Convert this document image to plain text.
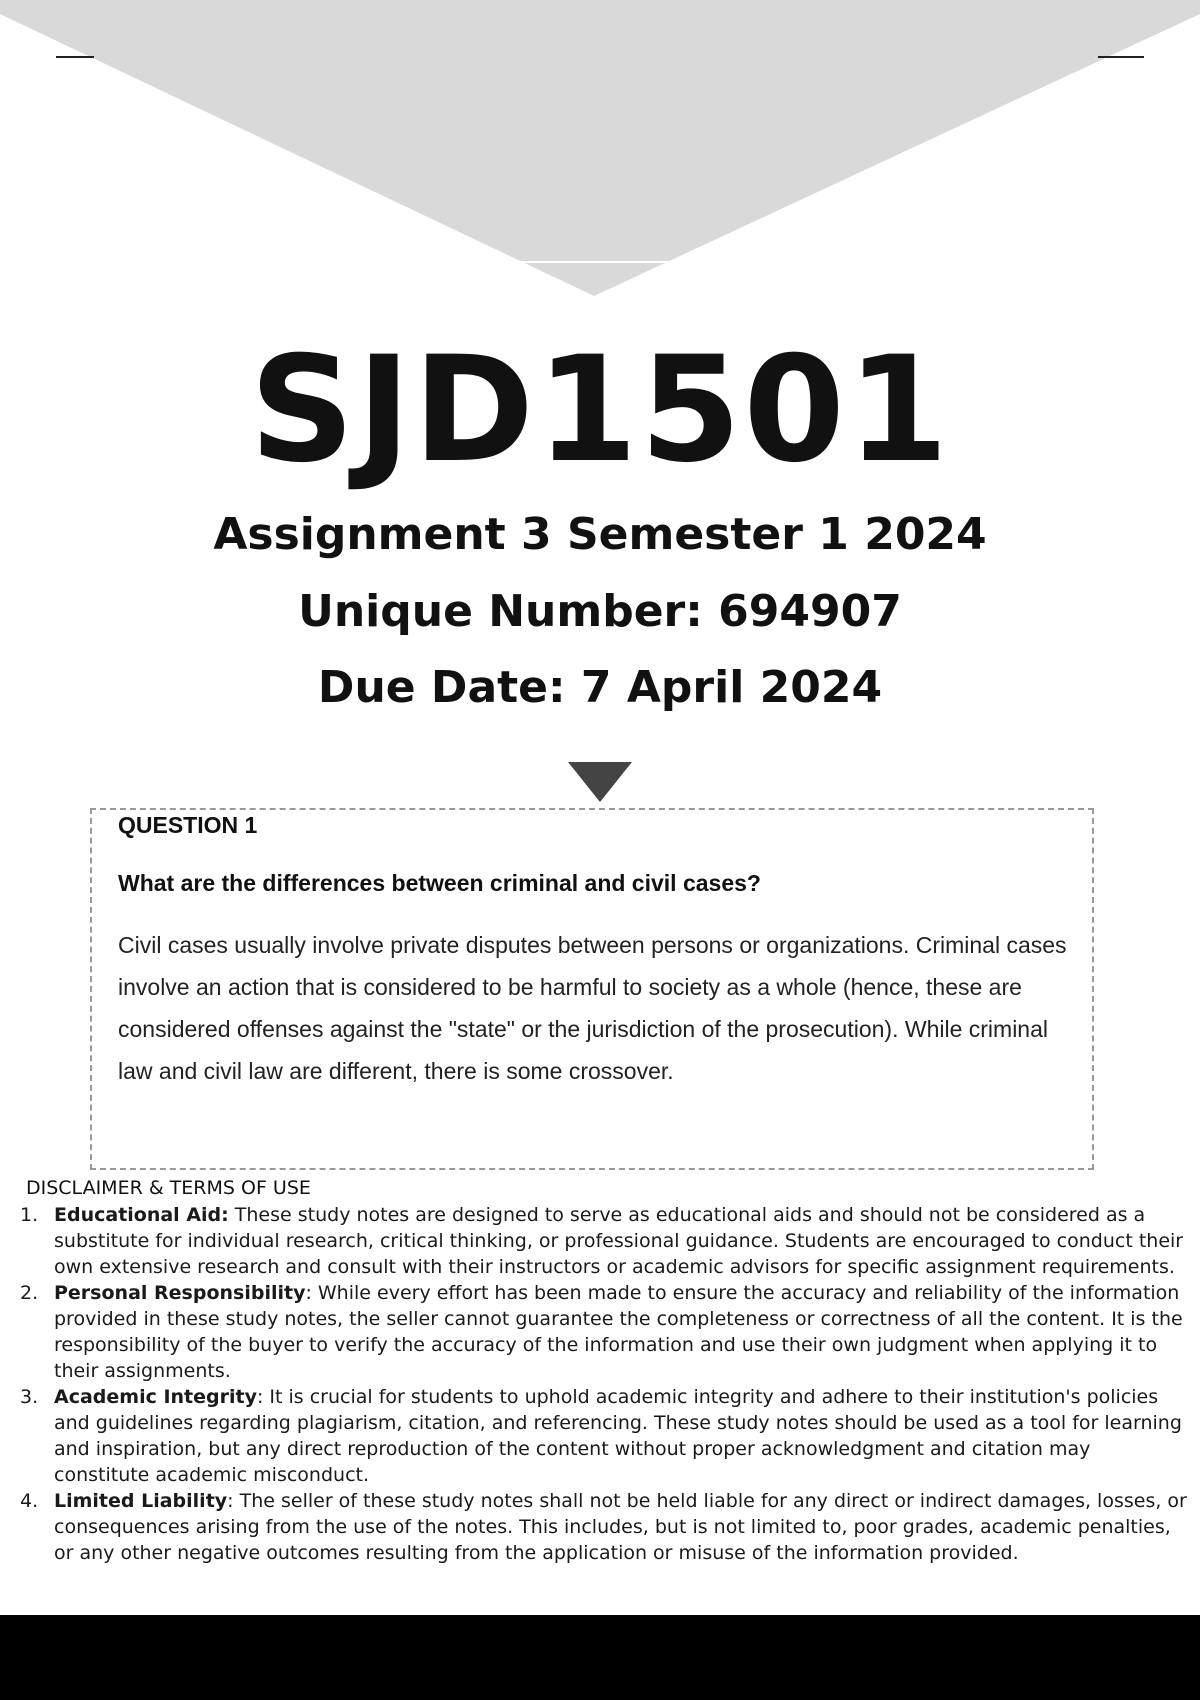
SJD1501
Assignment 3 Semester 1 2024
Unique Number: 694907
Due Date: 7 April 2024

QUESTION 1

What are the differences between criminal and civil cases?

Civil cases usually involve private disputes between persons or organizations. Criminal cases involve an action that is considered to be harmful to society as a whole (hence, these are considered offenses against the "state" or the jurisdiction of the prosecution). While criminal law and civil law are different, there is some crossover.

DISCLAIMER & TERMS OF USE
1. Educational Aid: These study notes are designed to serve as educational aids and should not be considered as a substitute for individual research, critical thinking, or professional guidance. Students are encouraged to conduct their own extensive research and consult with their instructors or academic advisors for specific assignment requirements.
2. Personal Responsibility: While every effort has been made to ensure the accuracy and reliability of the information provided in these study notes, the seller cannot guarantee the completeness or correctness of all the content. It is the responsibility of the buyer to verify the accuracy of the information and use their own judgment when applying it to their assignments.
3. Academic Integrity: It is crucial for students to uphold academic integrity and adhere to their institution's policies and guidelines regarding plagiarism, citation, and referencing. These study notes should be used as a tool for learning and inspiration, but any direct reproduction of the content without proper acknowledgment and citation may constitute academic misconduct.
4. Limited Liability: The seller of these study notes shall not be held liable for any direct or indirect damages, losses, or consequences arising from the use of the notes. This includes, but is not limited to, poor grades, academic penalties, or any other negative outcomes resulting from the application or misuse of the information provided.
